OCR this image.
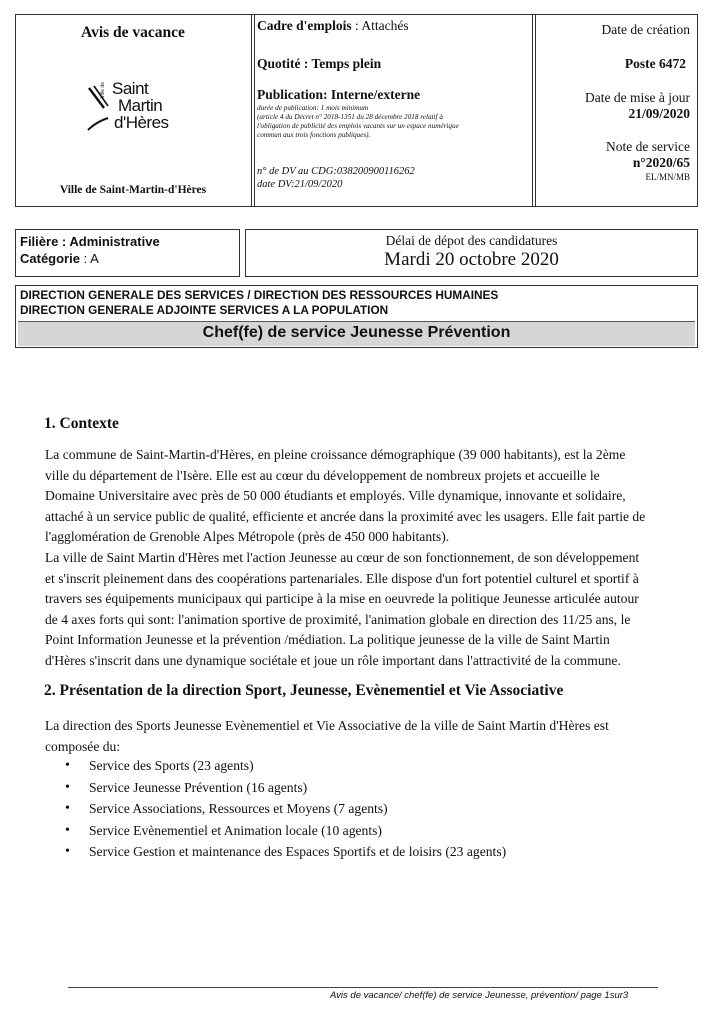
Avis de vacance
Ville de Saint
Martin
d'Hères
Ville de Saint-Martin-d'Hères
Cadre d'emplois : Attachés
Quotité : Temps plein
Publication: Interne/externe
durée de publication: 1 mois minimum
(article 4 du Décret n° 2018-1351 du 28 décembre 2018 relatif à
l'obligation de publicité des emplois vacants sur un espace numérique
commun aux trois fonctions publiques).
n° de DV au CDG:038200900116262
date DV:21/09/2020
Date de création
Poste 6472
Date de mise à jour
21/09/2020
Note de service
n°2020/65
EL/MN/MB
Filière : Administrative
Catégorie : A
Délai de dépot des candidatures
Mardi 20 octobre 2020
DIRECTION GENERALE DES SERVICES / DIRECTION DES RESSOURCES HUMAINES
DIRECTION GENERALE ADJOINTE SERVICES A LA POPULATION
Chef(fe) de service Jeunesse Prévention
1. Contexte
La commune de Saint-Martin-d'Hères, en pleine croissance démographique (39 000 habitants), est la 2ème
ville du département de l'Isère. Elle est au cœur du développement de nombreux projets et accueille le
Domaine Universitaire avec près de 50 000 étudiants et employés. Ville dynamique, innovante et solidaire,
attaché à un service public de qualité, efficiente et ancrée dans la proximité avec les usagers. Elle fait partie de
l'agglomération de Grenoble Alpes Métropole (près de 450 000 habitants).
La ville de Saint Martin d'Hères met l'action Jeunesse au cœur de son fonctionnement, de son développement
et s'inscrit pleinement dans des coopérations partenariales. Elle dispose d'un fort potentiel culturel et sportif à
travers ses équipements municipaux qui participe à la mise en oeuvrede la politique Jeunesse articulée autour
de 4 axes forts qui sont: l'animation sportive de proximité, l'animation globale en direction des 11/25 ans, le
Point Information Jeunesse et la prévention /médiation. La politique jeunesse de la ville de Saint Martin
d'Hères s'inscrit dans une dynamique sociétale et joue un rôle important dans l'attractivité de la commune.
2. Présentation de la direction Sport, Jeunesse, Evènementiel et Vie Associative
La direction des Sports Jeunesse Evènementiel et Vie Associative de la ville de Saint Martin d'Hères est
composée du:
• Service des Sports (23 agents)
• Service Jeunesse Prévention (16 agents)
• Service Associations, Ressources et Moyens (7 agents)
• Service Evènementiel et Animation locale (10 agents)
• Service Gestion et maintenance des Espaces Sportifs et de loisirs (23 agents)
Avis de vacance/ chef(fe) de service Jeunesse, prévention/ page 1sur3
